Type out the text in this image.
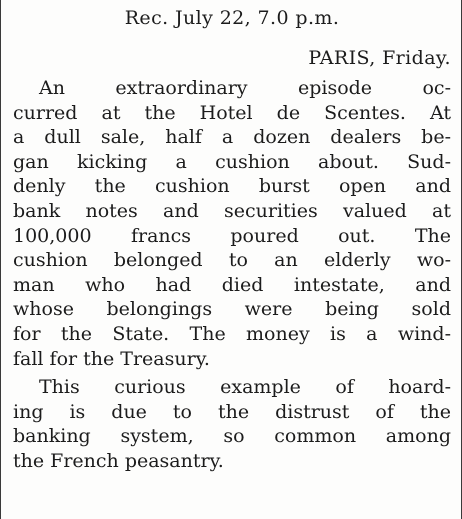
Rec. July 22, 7.0 p.m.
PARIS, Friday.
An extraordinary episode oc-
curred at the Hotel de Scentes. At
a dull sale, half a dozen dealers be-
gan kicking a cushion about. Sud-
denly the cushion burst open and
bank notes and securities valued at
100,000 francs poured out. The
cushion belonged to an elderly wo-
man who had died intestate, and
whose belongings were being sold
for the State. The money is a wind-
fall for the Treasury.
This curious example of hoard-
ing is due to the distrust of the
banking system, so common among
the French peasantry.
